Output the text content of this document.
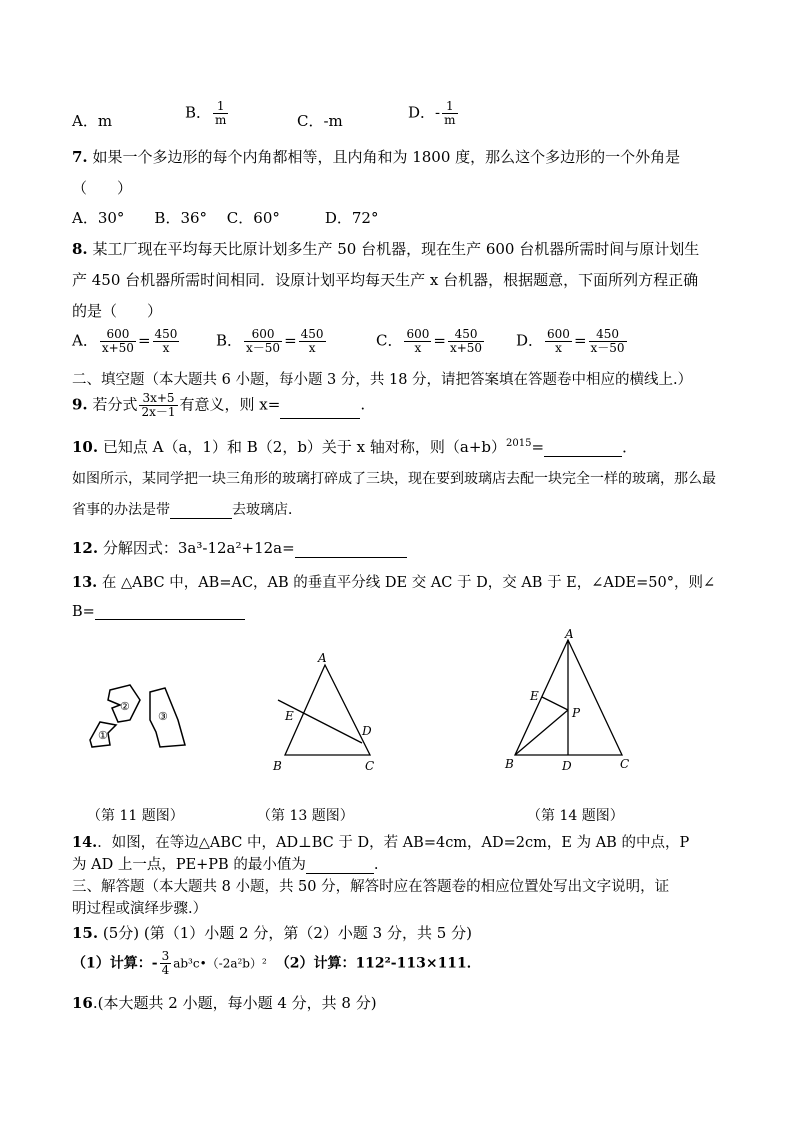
A．m	B． $\frac{1}{m}$	C．-m	D．- $\frac{1}{m}$
7. 如果一个多边形的每个内角都相等，且内角和为 1800 度，那么这个多边形的一个外角是
（　　）
A．30°　　B．36°　 C．60°　　　D．72°
8. 某工厂现在平均每天比原计划多生产 50 台机器，现在生产 600 台机器所需时间与原计划生
产 450 台机器所需时间相同．设原计划平均每天生产 x 台机器，根据题意，下面所列方程正确
的是（　　）
A． $\frac{600}{x+50} = \frac{450}{x}$ B． $\frac{600}{x-50} = \frac{450}{x}$	C． $\frac{600}{x} = \frac{450}{x+50}$ D． $\frac{600}{x} = \frac{450}{x-50}$
二、填空题（本大题共 6 小题，每小题 3 分，共 18 分，请把答案填在答题卷中相应的横线上.）
9. 若分式 $\frac{3x+5}{2x-1}$ 有意义，则 x=	.
10. 已知点 A（a，1）和 B（2，b）关于 x 轴对称，则$(a+b)^{2015}=$	．
如图所示，某同学把一块三角形的玻璃打碎成了三块，现在要到玻璃店去配一块完全一样的玻璃，那么最
省事的办法是带	去玻璃店．
12. 分解因式：3a³-12a²+12a=
13. 在 △ABC 中，AB=AC，AB 的垂直平分线 DE 交 AC 于 D，交 AB 于 E，∠ADE=50°，则∠
B=
②
①
③
A
B	C
D
E
A
B	C
D
E
P
（第 11 题图）	（第 13 题图）	（第 14 题图）
14.．如图，在等边△ABC 中，AD⊥BC 于 D，若 AB=4cm，AD=2cm，E 为 AB 的中点，P
为 AD 上一点，PE+PB 的最小值为	.
三、解答题（本大题共 8 小题，共 50 分，解答时应在答题卷的相应位置处写出文字说明，证
明过程或演绎步骤.）
15. (5分) (第（1）小题 2 分，第（2）小题 3 分，共 5 分)
（1）计算：- $\frac{3}{4}$ ab³c•（-2a²b）² （2）计算：112²-113×111．
16.(本大题共 2 小题，每小题 4 分，共 8 分)
